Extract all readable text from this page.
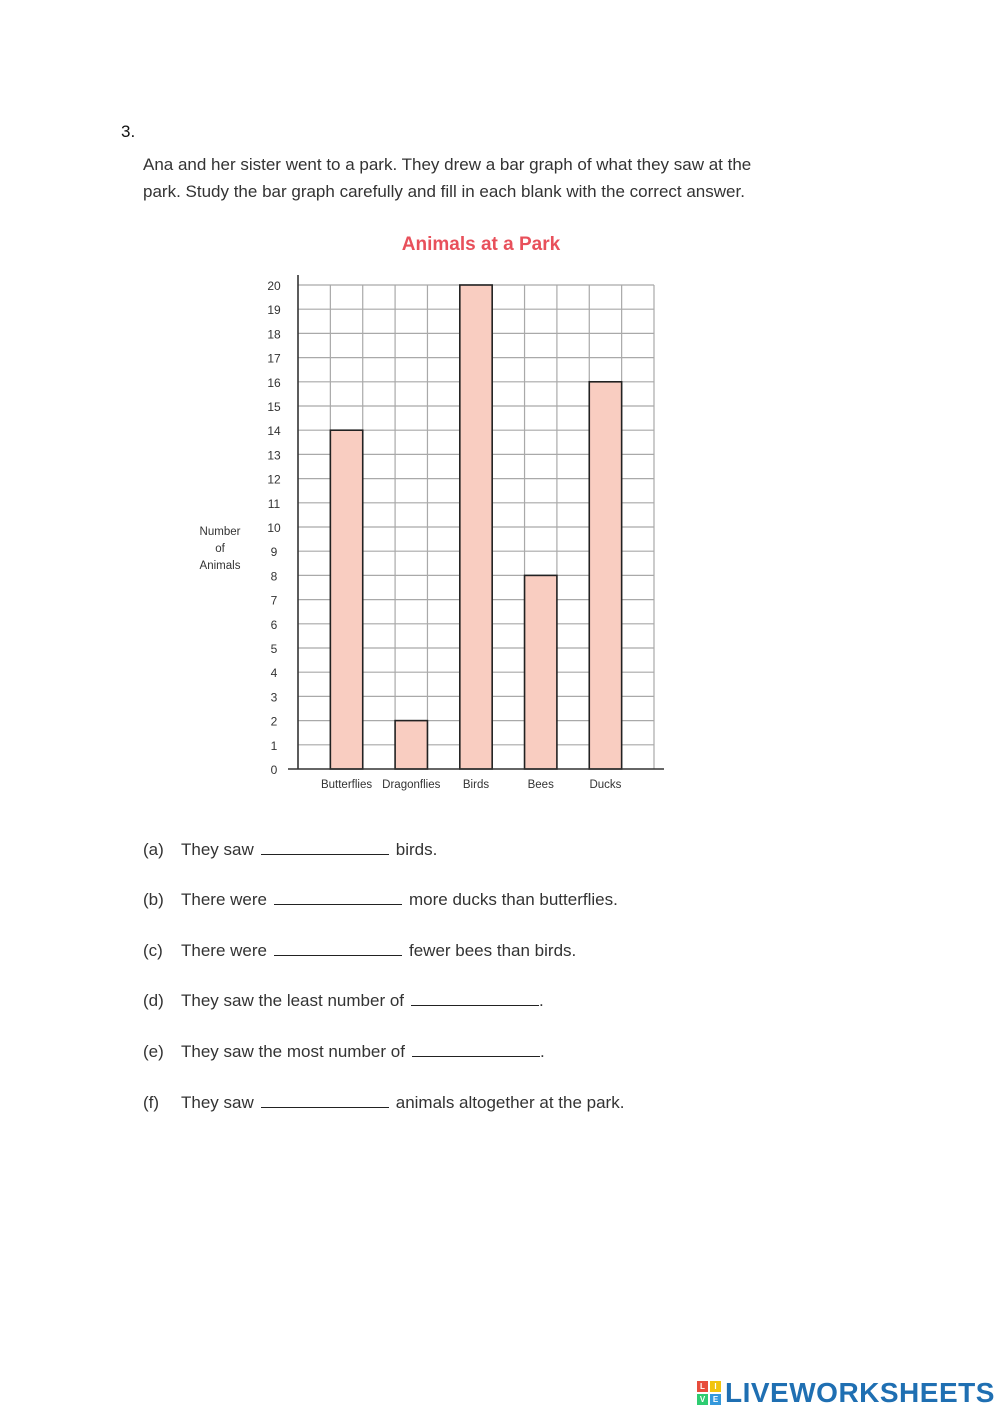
3.
Ana and her sister went to a park. They drew a bar graph of what they saw at the
park. Study the bar graph carefully and fill in each blank with the correct answer.
Animals at a Park
0
1
2
3
4
5
6
7
8
9
10
11
12
13
14
15
16
17
18
19
20
Butterflies Dragonflies Birds	Bees	Ducks
Number
of
Animals
(a) They saw	birds.
(b) There were	more ducks than butterflies.
(c) There were	fewer bees than birds.
(d) They saw the least number of	.
(e) They saw the most number of	.
(f) They saw	animals altogether at the park.
L	I
V E LIVEWORKSHEETS
